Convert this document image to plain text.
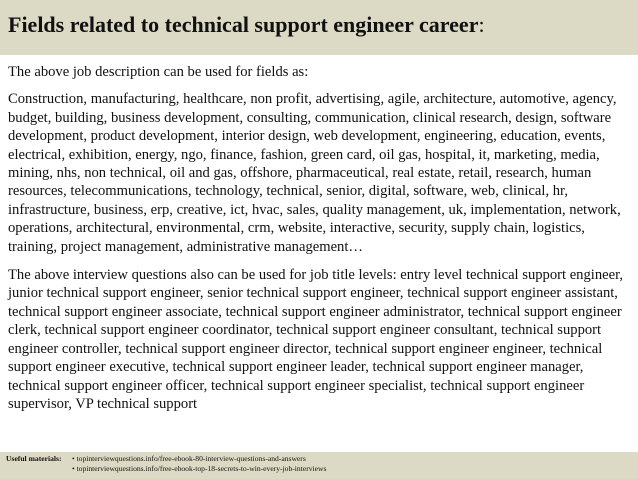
Fields related to technical support engineer career:

The above job description can be used for fields as:

Construction, manufacturing, healthcare, non profit, advertising, agile, architecture, automotive, agency, budget, building, business development, consulting, communication, clinical research, design, software development, product development, interior design, web development, engineering, education, events, electrical, exhibition, energy, ngo, finance, fashion, green card, oil gas, hospital, it, marketing, media, mining, nhs, non technical, oil and gas, offshore, pharmaceutical, real estate, retail, research, human resources, telecommunications, technology, technical, senior, digital, software, web, clinical, hr, infrastructure, business, erp, creative, ict, hvac, sales, quality management, uk, implementation, network, operations, architectural, environmental, crm, website, interactive, security, supply chain, logistics, training, project management, administrative management…

The above interview questions also can be used for job title levels: entry level technical support engineer, junior technical support engineer, senior technical support engineer, technical support engineer assistant, technical support engineer associate, technical support engineer administrator, technical support engineer clerk, technical support engineer coordinator, technical support engineer consultant, technical support engineer controller, technical support engineer director, technical support engineer engineer, technical support engineer executive, technical support engineer leader, technical support engineer manager, technical support engineer officer, technical support engineer specialist, technical support engineer supervisor, VP technical support

Useful materials:	• topinterviewquestions.info/free-ebook-80-interview-questions-and-answers
• topinterviewquestions.info/free-ebook-top-18-secrets-to-win-every-job-interviews
